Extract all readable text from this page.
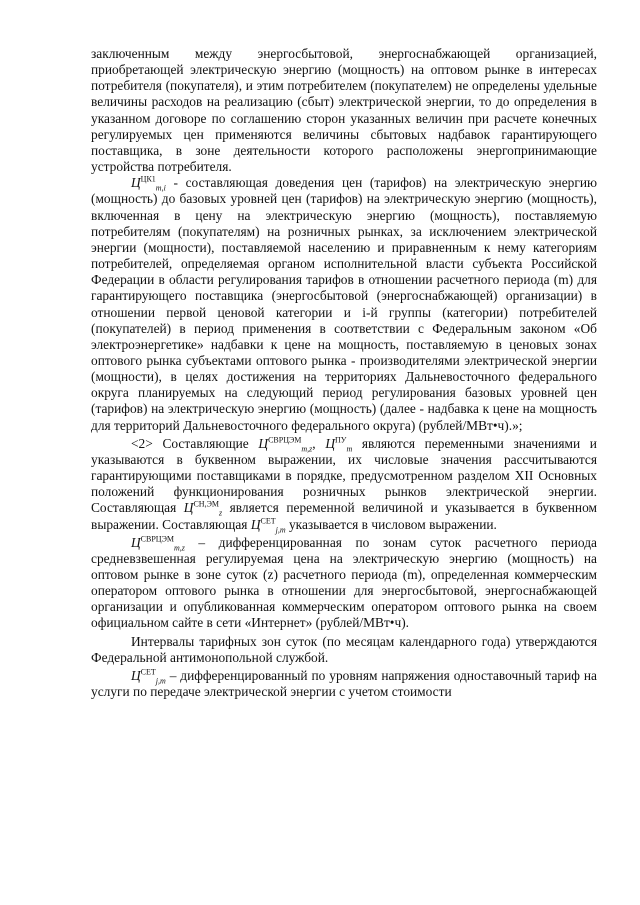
заключенным между энергосбытовой, энергоснабжающей организацией, приобретающей электрическую энергию (мощность) на оптовом рынке в интересах потребителя (покупателя), и этим потребителем (покупателем) не определены удельные величины расходов на реализацию (сбыт) электрической энергии, то до определения в указанном договоре по соглашению сторон указанных величин при расчете конечных регулируемых цен применяются величины сбытовых надбавок гарантирующего поставщика, в зоне деятельности которого расположены энергопринимающие устройства потребителя.

$Ц^{ЦК1}_{m,i}$ - составляющая доведения цен (тарифов) на электрическую энергию (мощность) до базовых уровней цен (тарифов) на электрическую энергию (мощность), включенная в цену на электрическую энергию (мощность), поставляемую потребителям (покупателям) на розничных рынках, за исключением электрической энергии (мощности), поставляемой населению и приравненным к нему категориям потребителей, определяемая органом исполнительной власти субъекта Российской Федерации в области регулирования тарифов в отношении расчетного периода (m) для гарантирующего поставщика (энергосбытовой (энергоснабжающей) организации) в отношении первой ценовой категории и i-й группы (категории) потребителей (покупателей) в период применения в соответствии с Федеральным законом «Об электроэнергетике» надбавки к цене на мощность, поставляемую в ценовых зонах оптового рынка субъектами оптового рынка - производителями электрической энергии (мощности), в целях достижения на территориях Дальневосточного федерального округа планируемых на следующий период регулирования базовых уровней цен (тарифов) на электрическую энергию (мощность) (далее - надбавка к цене на мощность для территорий Дальневосточного федерального округа) (рублей/МВт•ч).»;

<2> Составляющие $Ц^{СВРЦЭМ}_{m,z}$, $Ц^{ПУ}_m$ являются переменными значениями и указываются в буквенном выражении, их числовые значения рассчитываются гарантирующими поставщиками в порядке, предусмотренном разделом XII Основных положений функционирования розничных рынков электрической энергии. Составляющая $Ц^{СН,ЭМ}_z$ является переменной величиной и указывается в буквенном выражении. Составляющая $Ц^{СЕТ}_{j,m}$ указывается в числовом выражении.

$Ц^{СВРЦЭМ}_{m,z}$ – дифференцированная по зонам суток расчетного периода средневзвешенная регулируемая цена на электрическую энергию (мощность) на оптовом рынке в зоне суток (z) расчетного периода (m), определенная коммерческим оператором оптового рынка в отношении для энергосбытовой, энергоснабжающей организации и опубликованная коммерческим оператором оптового рынка на своем официальном сайте в сети «Интернет» (рублей/МВт•ч).

Интервалы тарифных зон суток (по месяцам календарного года) утверждаются Федеральной антимонопольной службой.

$Ц^{СЕТ}_{j,m}$ – дифференцированный по уровням напряжения одноставочный тариф на услуги по передаче электрической энергии с учетом стоимости
